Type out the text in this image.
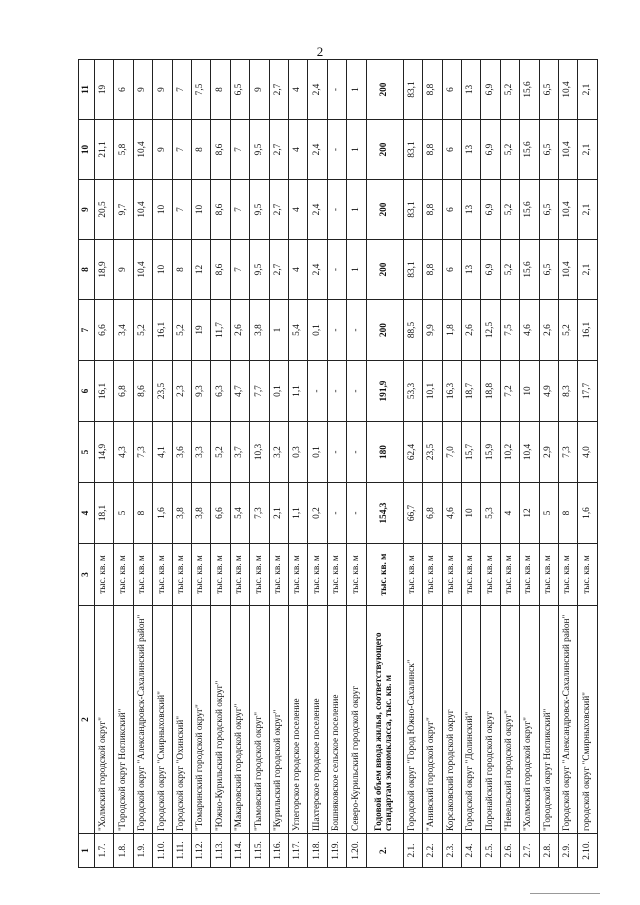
2
1	2	3	4	5	6	7	8	9	10	11
1.7.	"Холмский городской округ"	тыс. кв. м	18,1	14,9	16,1	6,6	18,9	20,5	21,1	19
1.8.	"Городской округ Ногликский"	тыс. кв. м	5	4,3	6,8	3,4	9	9,7	5,8	6
1.9.	Городской округ "Александровск-Сахалинский район"	тыс. кв. м	8	7,3	8,6	5,2	10,4	10,4	10,4	9
1.10.	Городской округ "Смирныховский"	тыс. кв. м	1,6	4,1	23,5	16,1	10	10	9	9
1.11.	Городской округ "Охинский"	тыс. кв. м	3,8	3,6	2,3	5,2	8	7	7	7
1.12.	"Томаринский городской округ"	тыс. кв. м	3,8	3,3	9,3	19	12	10	8	7,5
1.13.	"Южно-Курильский городской округ"	тыс. кв. м	6,6	5,2	6,3	11,7	8,6	8,6	8,6	8
1.14.	"Макаровский городской округ"	тыс. кв. м	5,4	3,7	4,7	2,6	7	7	7	6,5
1.15.	"Тымовский городской округ"	тыс. кв. м	7,3	10,3	7,7	3,8	9,5	9,5	9,5	9
1.16.	"Курильский городской округ"	тыс. кв. м	2,1	3,2	0,1	1	2,7	2,7	2,7	2,7
1.17.	Углегорское городское поселение	тыс. кв. м	1,1	0,3	1,1	5,4	4	4	4	4
1.18.	Шахтерское городское поселение	тыс. кв. м	0,2	0,1	-	0,1	2,4	2,4	2,4	2,4
1.19.	Бошняковское сельское поселение	тыс. кв. м	-	-	-	-	-	-	-	-
1.20.	Северо-Курильский городской округ	тыс. кв. м	-	-	-	-	1	1	1	1
2.	Годовой объем ввода жилья, соответствующего стандартам экономкласса, тыс. кв. м	тыс. кв. м	154,3	180	191,9	200	200	200	200	200
2.1.	Городской округ "Город Южно-Сахалинск"	тыс. кв. м	66,7	62,4	53,3	88,5	83,1	83,1	83,1	83,1
2.2.	"Анивский городской округ"	тыс. кв. м	6,8	23,5	10,1	9,9	8,8	8,8	8,8	8,8
2.3.	Корсаковский городской округ	тыс. кв. м	4,6	7,0	16,3	1,8	6	6	6	6
2.4.	Городской округ "Долинский"	тыс. кв. м	10	15,7	18,7	2,6	13	13	13	13
2.5.	Поронайский городской округ	тыс. кв. м	5,3	15,9	18,8	12,5	6,9	6,9	6,9	6,9
2.6.	"Невельский городской округ"	тыс. кв. м	4	10,2	7,2	7,5	5,2	5,2	5,2	5,2
2.7.	"Холмский городской округ"	тыс. кв. м	12	10,4	10	4,6	15,6	15,6	15,6	15,6
2.8.	"Городской округ Ногликский"	тыс. кв. м	5	2,9	4,9	2,6	6,5	6,5	6,5	6,5
2.9.	Городской округ "Александровск-Сахалинский район"	тыс. кв. м	8	7,3	8,3	5,2	10,4	10,4	10,4	10,4
2.10.	городской округ "Смирныховский"	тыс. кв. м	1,6	4,0	17,7	16,1	2,1	2,1	2,1	2,1
